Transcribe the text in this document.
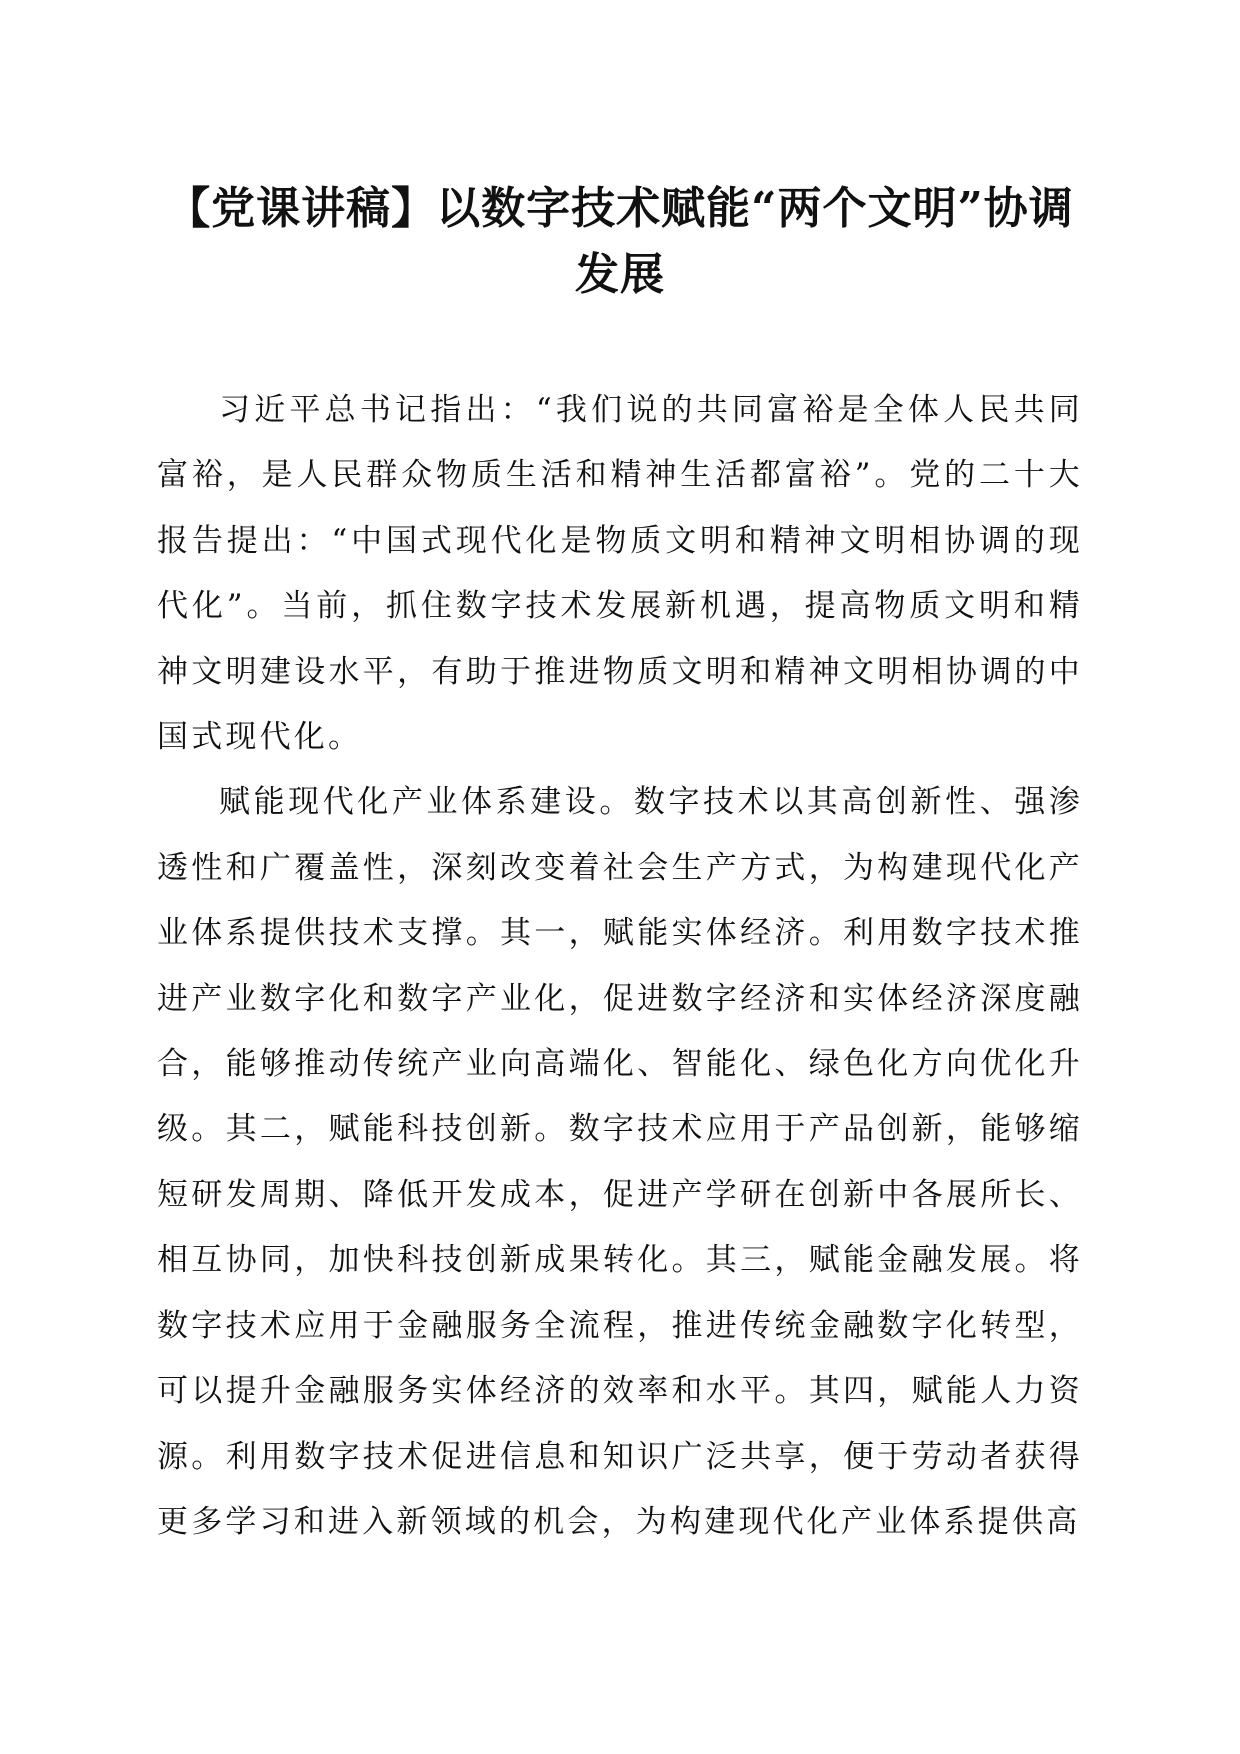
【党课讲稿】以数字技术赋能“两个文明”协调发展

习近平总书记指出：“我们说的共同富裕是全体人民共同富裕，是人民群众物质生活和精神生活都富裕”。党的二十大报告提出：“中国式现代化是物质文明和精神文明相协调的现代化”。当前，抓住数字技术发展新机遇，提高物质文明和精神文明建设水平，有助于推进物质文明和精神文明相协调的中国式现代化。

赋能现代化产业体系建设。数字技术以其高创新性、强渗透性和广覆盖性，深刻改变着社会生产方式，为构建现代化产业体系提供技术支撑。其一，赋能实体经济。利用数字技术推进产业数字化和数字产业化，促进数字经济和实体经济深度融合，能够推动传统产业向高端化、智能化、绿色化方向优化升级。其二，赋能科技创新。数字技术应用于产品创新，能够缩短研发周期、降低开发成本，促进产学研在创新中各展所长、相互协同，加快科技创新成果转化。其三，赋能金融发展。将数字技术应用于金融服务全流程，推进传统金融数字化转型，可以提升金融服务实体经济的效率和水平。其四，赋能人力资源。利用数字技术促进信息和知识广泛共享，便于劳动者获得更多学习和进入新领域的机会，为构建现代化产业体系提供高
